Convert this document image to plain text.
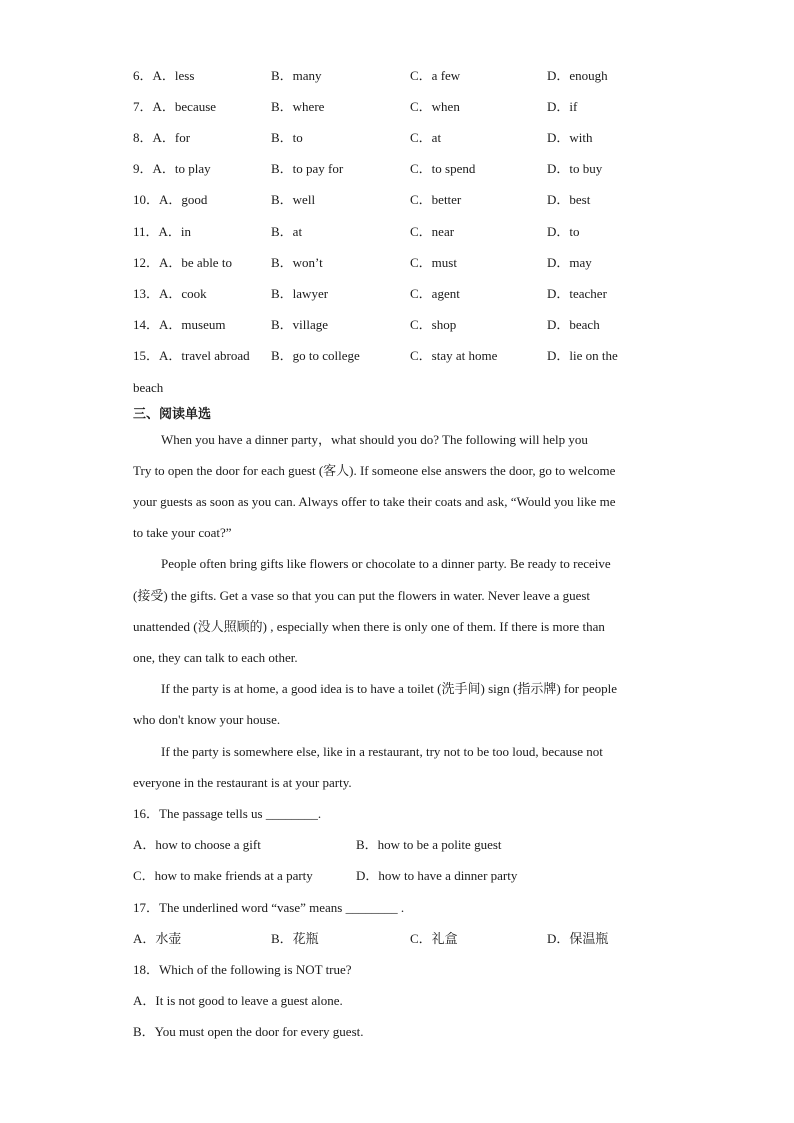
6．A．less	B．many	C．a few	D．enough
7．A．because	B．where	C．when	D．if
8．A．for	B．to	C．at	D．with
9．A．to play	B．to pay for	C．to spend	D．to buy
10．A．good	B．well	C．better	D．best
11．A．in	B．at	C．near	D．to
12．A．be able to	B．won’t	C．must	D．may
13．A．cook	B．lawyer	C．agent	D．teacher
14．A．museum	B．village	C．shop	D．beach
15．A．travel abroad B．go to college	C．stay at home	D．lie on the
beach
三、阅读单选
When you have a dinner party，what should you do? The following will help you
Try to open the door for each guest (客人). If someone else answers the door, go to welcome
your guests as soon as you can. Always offer to take their coats and ask, “Would you like me
to take your coat?”
People often bring gifts like flowers or chocolate to a dinner party. Be ready to receive
(接受) the gifts. Get a vase so that you can put the flowers in water. Never leave a guest
unattended (没人照顾的) , especially when there is only one of them. If there is more than
one, they can talk to each other.
If the party is at home, a good idea is to have a toilet (洗手间) sign (指示牌) for people
who don't know your house.
If the party is somewhere else, like in a restaurant, try not to be too loud, because not
everyone in the restaurant is at your party.
16．The passage tells us ________.
A．how to choose a gift	B．how to be a polite guest
C．how to make friends at a party	D．how to have a dinner party
17．The underlined word “vase” means ________ .
A．水壶	B．花瓶	C．礼盒	D．保温瓶
18．Which of the following is NOT true?
A．It is not good to leave a guest alone.
B．You must open the door for every guest.
